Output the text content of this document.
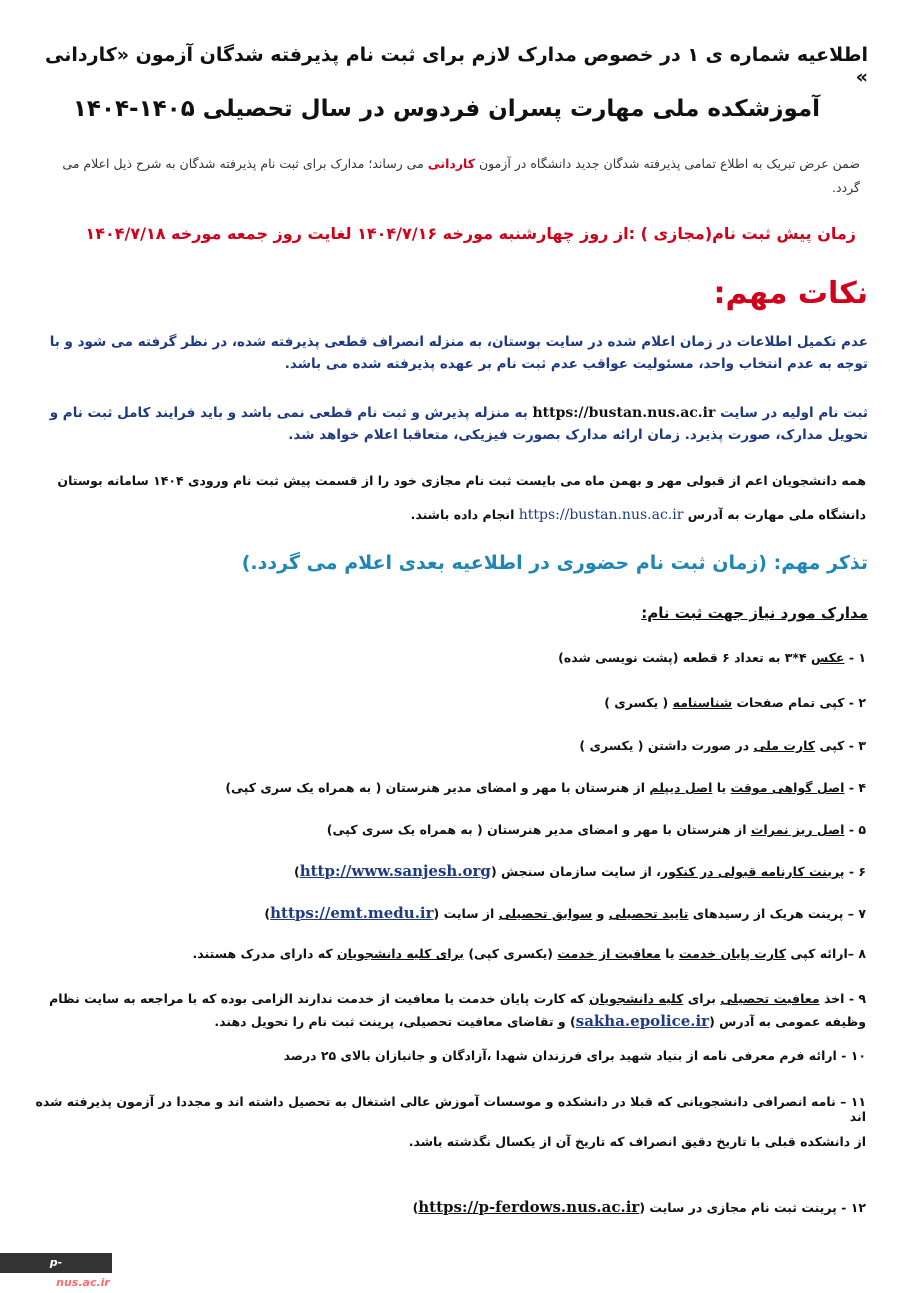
اطلاعیه شماره ی ۱ در خصوص مدارک لازم برای ثبت نام پذیرفته شدگان آزمون «کاردانی »
آموزشکده ملی مهارت پسران فردوس در سال تحصیلی ۱۴۰۵-۱۴۰۴
ضمن عرض تبریک به اطلاع تمامی پذیرفته شدگان جدید دانشگاه در آزمون کاردانی می رساند؛ مدارک برای ثبت نام پذیرفته شدگان به شرح ذیل اعلام می گردد.
زمان پیش ثبت نام(مجازی ) :از روز چهارشنبه مورخه ۱۴۰۴/۷/۱۶ لغایت روز جمعه مورخه ۱۴۰۴/۷/۱۸
نکات مهم:
عدم تکمیل اطلاعات در زمان اعلام شده در سایت بوستان، به منزله انصراف قطعی پذیرفته شده، در نظر گرفته می شود و با توجه به عدم انتخاب واحد، مسئولیت عواقب عدم ثبت نام بر عهده پذیرفته شده می باشد.
ثبت نام اولیه در سایت https://bustan.nus.ac.ir به منزله پذیرش و ثبت نام قطعی نمی باشد و باید فرایند کامل ثبت نام و تحویل مدارک، صورت پذیرد. زمان ارائه مدارک بصورت فیزیکی، متعاقبا اعلام خواهد شد.
همه دانشجویان اعم از قبولی مهر و بهمن ماه می بایست ثبت نام مجازی خود را از قسمت پیش ثبت نام ورودی ۱۴۰۴ سامانه بوستان دانشگاه ملی مهارت به آدرس https://bustan.nus.ac.ir انجام داده باشند.
تذکر مهم: (زمان ثبت نام حضوری در اطلاعیه بعدی اعلام می گردد.)
مدارک مورد نیاز جهت ثبت نام:
۱ - عکس ۴*۳ به تعداد ۶ قطعه (پشت نویسی شده)
۲ - کپی تمام صفحات شناسنامه ( یکسری )
۳ - کپی کارت ملی در صورت داشتن ( یکسری )
۴ - اصل گواهی موقت یا اصل دیپلم از هنرستان با مهر و امضای مدیر هنرستان ( به همراه یک سری کپی)
۵ - اصل ریز نمرات از هنرستان با مهر و امضای مدیر هنرستان ( به همراه یک سری کپی)
۶ - پرینت کارنامه قبولی در کنکور، از سایت سازمان سنجش (http://www.sanjesh.org)
۷ – پرینت هریک از رسیدهای تایید تحصیلی و سوابق تحصیلی از سایت (https://emt.medu.ir)
۸ –ارائه کپی کارت پایان خدمت یا معافیت از خدمت (یکسری کپی) برای کلیه دانشجویان که دارای مدرک هستند.
۹ - اخذ معافیت تحصیلی برای کلیه دانشجویان که کارت پایان خدمت یا معافیت از خدمت ندارند الزامی بوده که با مراجعه به سایت نظام وظیفه عمومی به آدرس (sakha.epolice.ir) و تقاضای معافیت تحصیلی، پرینت ثبت نام را تحویل دهند.
۱۰ - ارائه فرم معرفی نامه از بنیاد شهید برای فرزندان شهدا ،آزادگان و جانبازان بالای ۲۵ درصد
۱۱ – نامه انصرافی دانشجویانی که قبلا در دانشکده و موسسات آموزش عالی اشتغال به تحصیل داشته اند و مجددا در آزمون پذیرفته شده اند
از دانشکده قبلی با تاریخ دقیق انصراف که تاریخ آن از یکسال نگذشته باشد.
۱۲ - پرینت ثبت نام مجازی در سایت (https://p-ferdows.nus.ac.ir)
p-ferdows.nus.ac.ir
